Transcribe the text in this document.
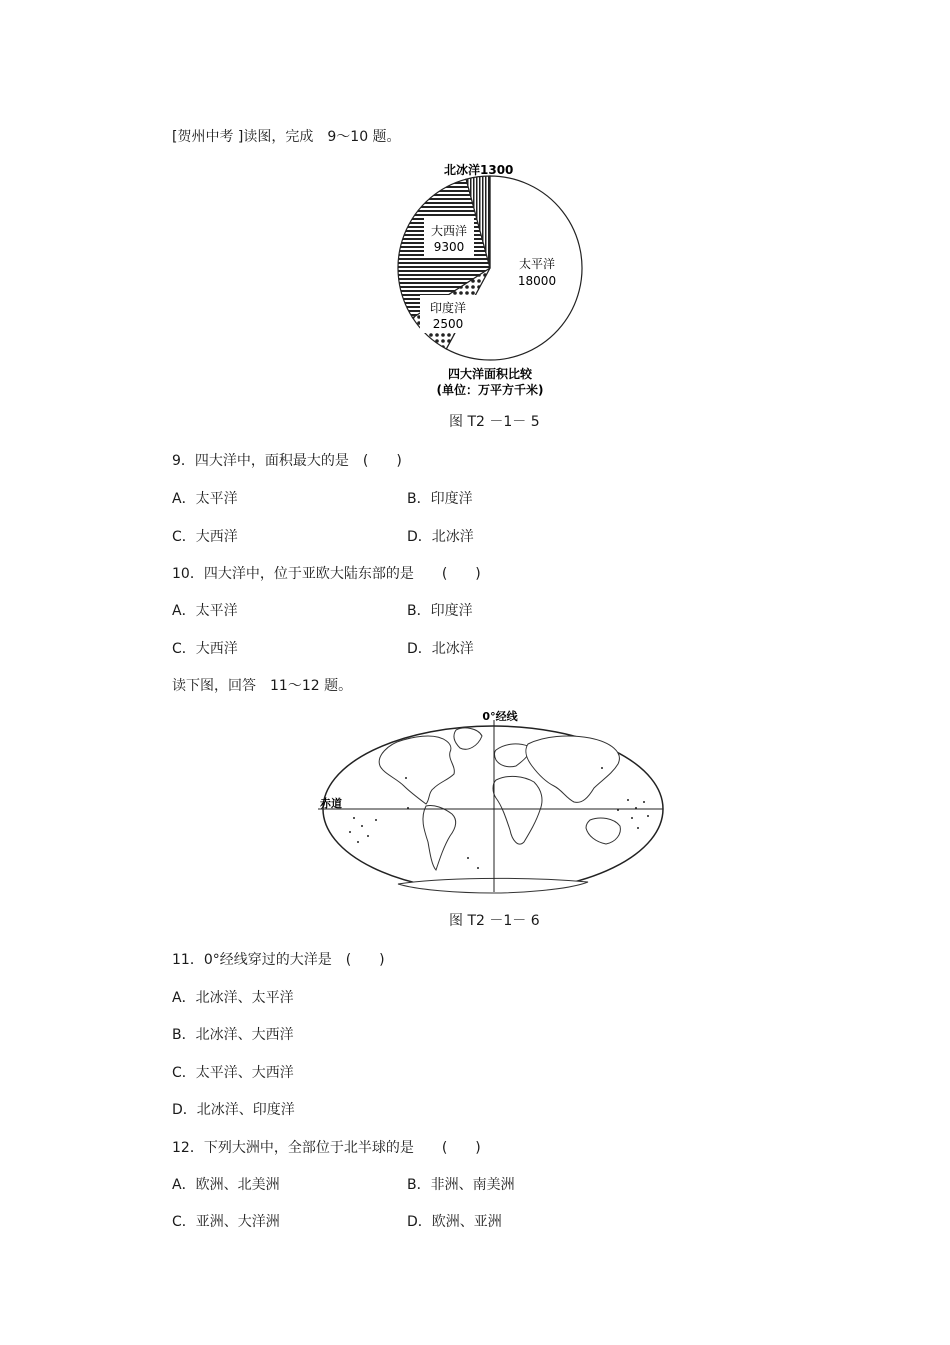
[贺州中考 ]读图，完成　9～10 题。
北冰洋1300
大西洋
9300
印度洋
2500
太平洋
18000
四大洋面积比较
(单位：万平方千米)
图 T2 －1－ 5
9．四大洋中，面积最大的是　(　　)
A．太平洋	B．印度洋
C．大西洋	D．北冰洋
10．四大洋中，位于亚欧大陆东部的是　　(　　)
A．太平洋	B．印度洋
C．大西洋	D．北冰洋
读下图，回答　11～12 题。
0°经线
赤道
图 T2 －1－ 6
11．0°经线穿过的大洋是　(　　)
A．北冰洋、太平洋
B．北冰洋、大西洋
C．太平洋、大西洋
D．北冰洋、印度洋
12．下列大洲中，全部位于北半球的是　　(　　)
A．欧洲、北美洲	B．非洲、南美洲
C．亚洲、大洋洲	D．欧洲、亚洲
